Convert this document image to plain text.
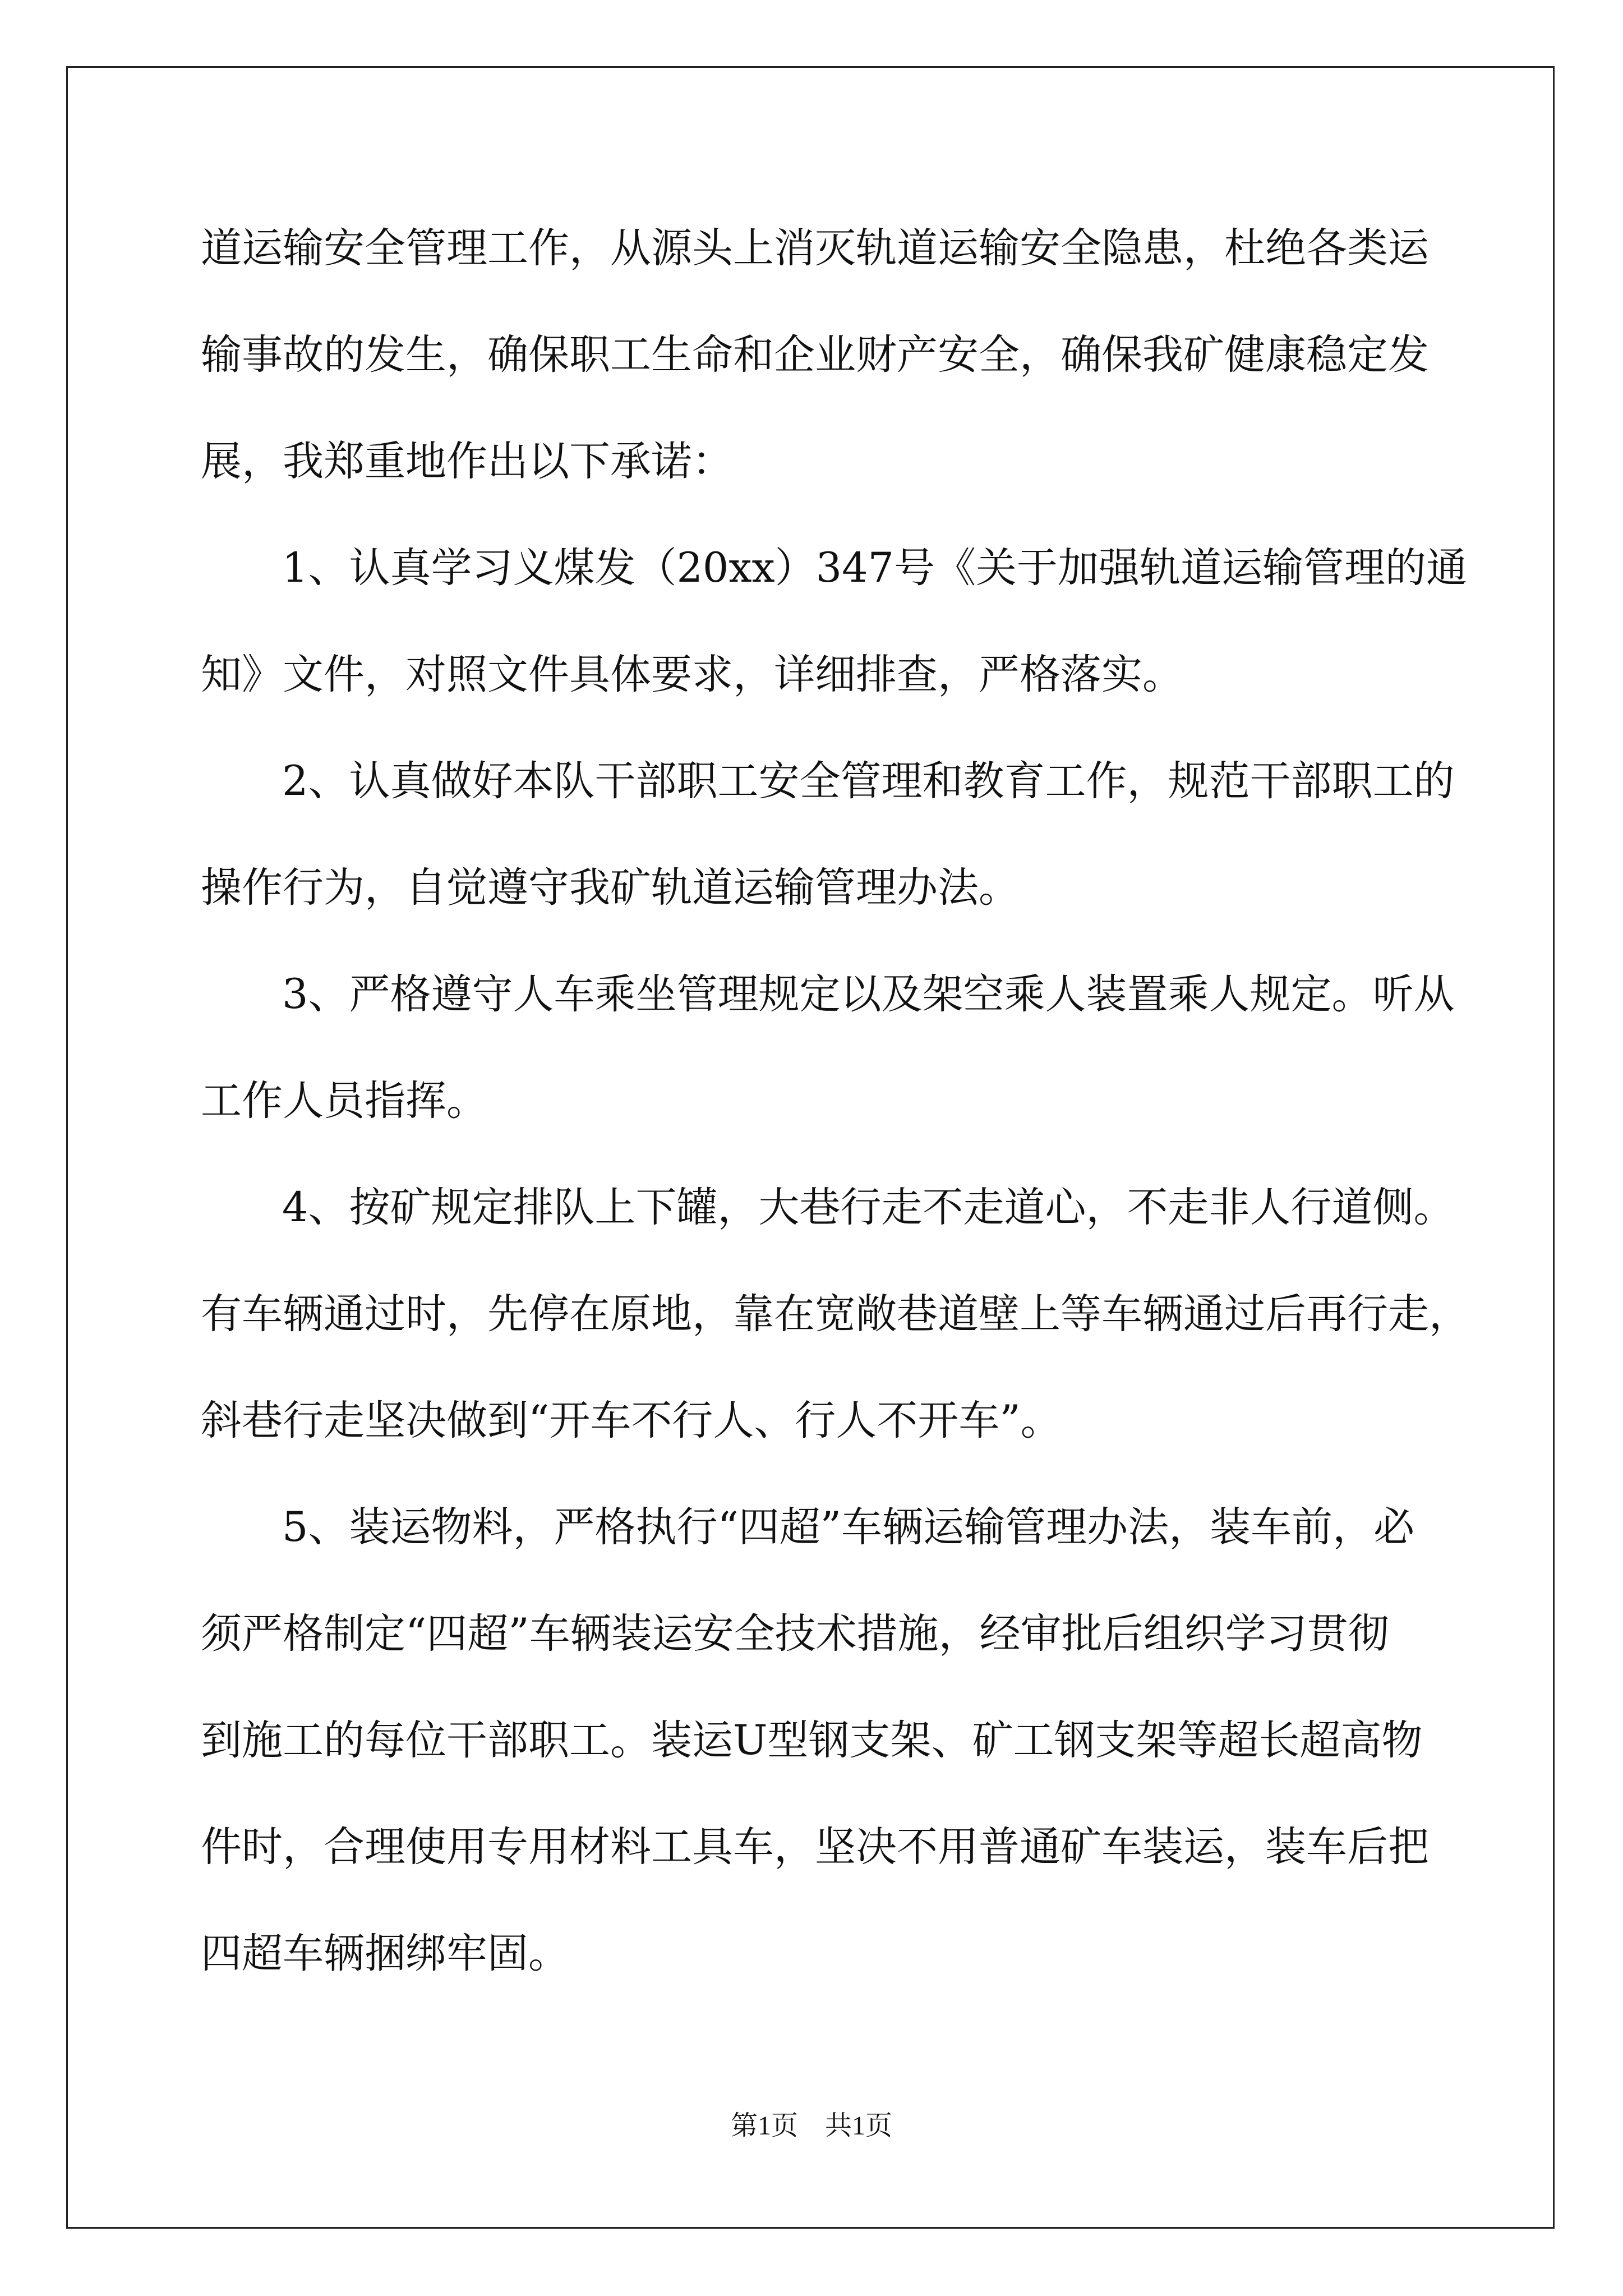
道运输安全管理工作，从源头上消灭轨道运输安全隐患，杜绝各类运
输事故的发生，确保职工生命和企业财产安全，确保我矿健康稳定发
展，我郑重地作出以下承诺：
1、认真学习义煤发（20xx）347号《关于加强轨道运输管理的通
知》文件，对照文件具体要求，详细排查，严格落实。
2、认真做好本队干部职工安全管理和教育工作，规范干部职工的
操作行为，自觉遵守我矿轨道运输管理办法。
3、严格遵守人车乘坐管理规定以及架空乘人装置乘人规定。听从
工作人员指挥。
4、按矿规定排队上下罐，大巷行走不走道心，不走非人行道侧。
有车辆通过时，先停在原地，靠在宽敞巷道壁上等车辆通过后再行走，
斜巷行走坚决做到“开车不行人、行人不开车”。
5、装运物料，严格执行“四超”车辆运输管理办法，装车前，必
须严格制定“四超”车辆装运安全技术措施，经审批后组织学习贯彻
到施工的每位干部职工。装运U型钢支架、矿工钢支架等超长超高物
件时，合理使用专用材料工具车，坚决不用普通矿车装运，装车后把
四超车辆捆绑牢固。
第1页　共1页
